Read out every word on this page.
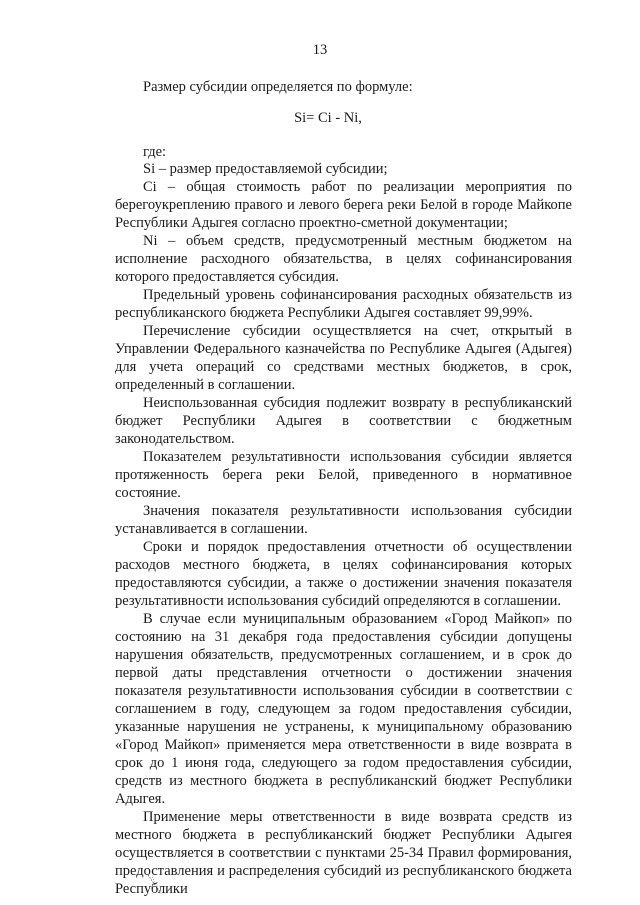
13
Размер субсидии определяется по формуле:
Si= Ci - Ni,
где:

Si – размер предоставляемой субсидии;

Ci – общая стоимость работ по реализации мероприятия по берегоукреплению правого и левого берега реки Белой в городе Майкопе Республики Адыгея согласно проектно-сметной документации;

Ni – объем средств, предусмотренный местным бюджетом на исполнение расходного обязательства, в целях софинансирования которого предоставляется субсидия.

Предельный уровень софинансирования расходных обязательств из республиканского бюджета Республики Адыгея составляет 99,99%.

Перечисление субсидии осуществляется на счет, открытый в Управлении Федерального казначейства по Республике Адыгея (Адыгея) для учета операций со средствами местных бюджетов, в срок, определенный в соглашении.

Неиспользованная субсидия подлежит возврату в республиканский бюджет Республики Адыгея в соответствии с бюджетным законодательством.

Показателем результативности использования субсидии является протяженность берега реки Белой, приведенного в нормативное состояние.

Значения показателя результативности использования субсидии устанавливается в соглашении.

Сроки и порядок предоставления отчетности об осуществлении расходов местного бюджета, в целях софинансирования которых предоставляются субсидии, а также о достижении значения показателя результативности использования субсидий определяются в соглашении.

В случае если муниципальным образованием «Город Майкоп» по состоянию на 31 декабря года предоставления субсидии допущены нарушения обязательств, предусмотренных соглашением, и в срок до первой даты представления отчетности о достижении значения показателя результативности использования субсидии в соответствии с соглашением в году, следующем за годом предоставления субсидии, указанные нарушения не устранены, к муниципальному образованию «Город Майкоп» применяется мера ответственности в виде возврата в срок до 1 июня года, следующего за годом предоставления субсидии, средств из местного бюджета в республиканский бюджет Республики Адыгея.

Применение меры ответственности в виде возврата средств из местного бюджета в республиканский бюджет Республики Адыгея осуществляется в соответствии с пунктами 25-34 Правил формирования, предоставления и распределения субсидий из республиканского бюджета Республики
